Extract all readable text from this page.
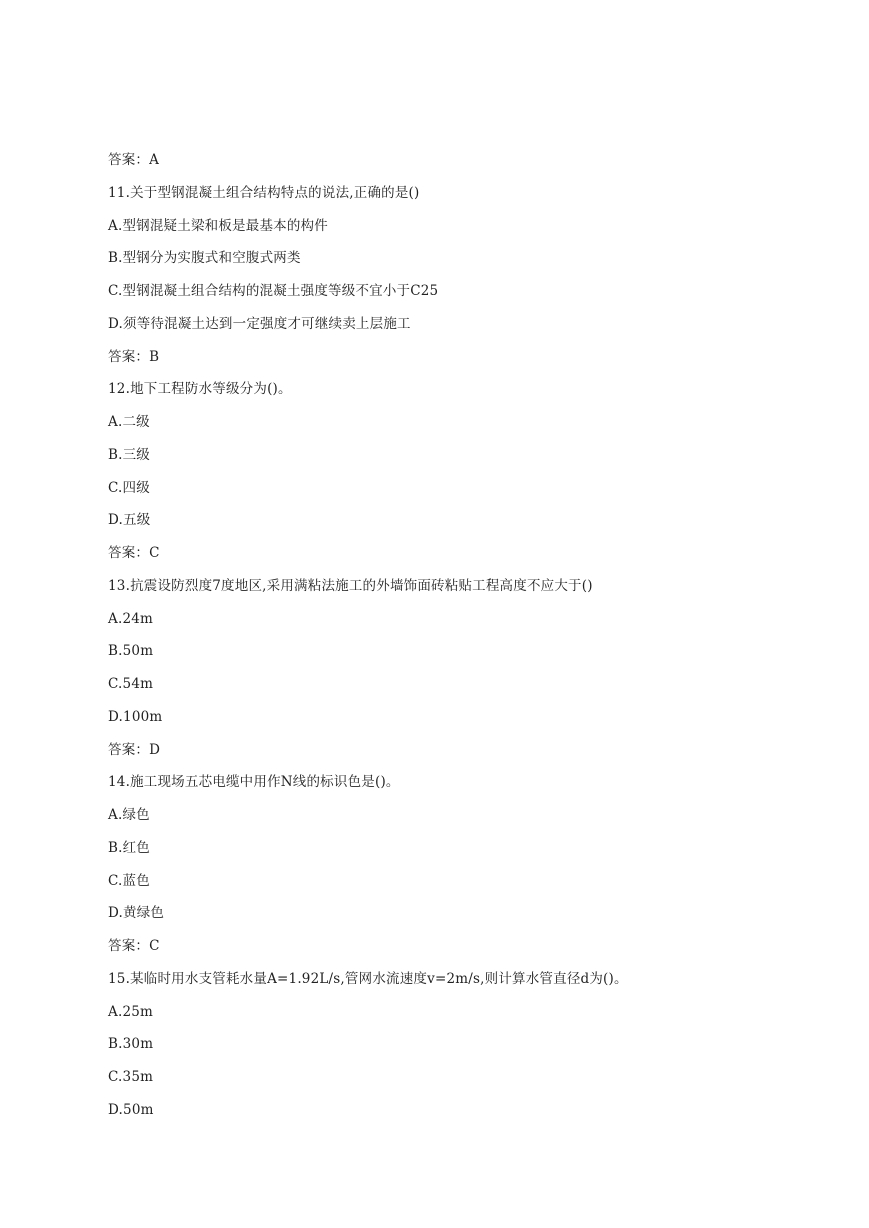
答案：A
11.关于型钢混凝土组合结构特点的说法,正确的是()
A.型钢混疑土梁和板是最基本的构件
B.型钢分为实腹式和空腹式两类
C.型钢混凝土组合结构的混凝土强度等级不宜小于C25
D.须等待混凝土达到一定强度才可继续卖上层施工
答案：B
12.地下工程防水等级分为()。
A.二级
B.三级
C.四级
D.五级
答案：C
13.抗震设防烈度7度地区,采用满粘法施工的外墙饰面砖粘贴工程高度不应大于()
A.24m
B.50m
C.54m
D.100m
答案：D
14.施工现场五芯电缆中用作N线的标识色是()。
A.绿色
B.红色
C.蓝色
D.黄绿色
答案：C
15.某临时用水支管耗水量A=1.92L/s,管网水流速度v=2m/s,则计算水管直径d为()。
A.25m
B.30m
C.35m
D.50m
